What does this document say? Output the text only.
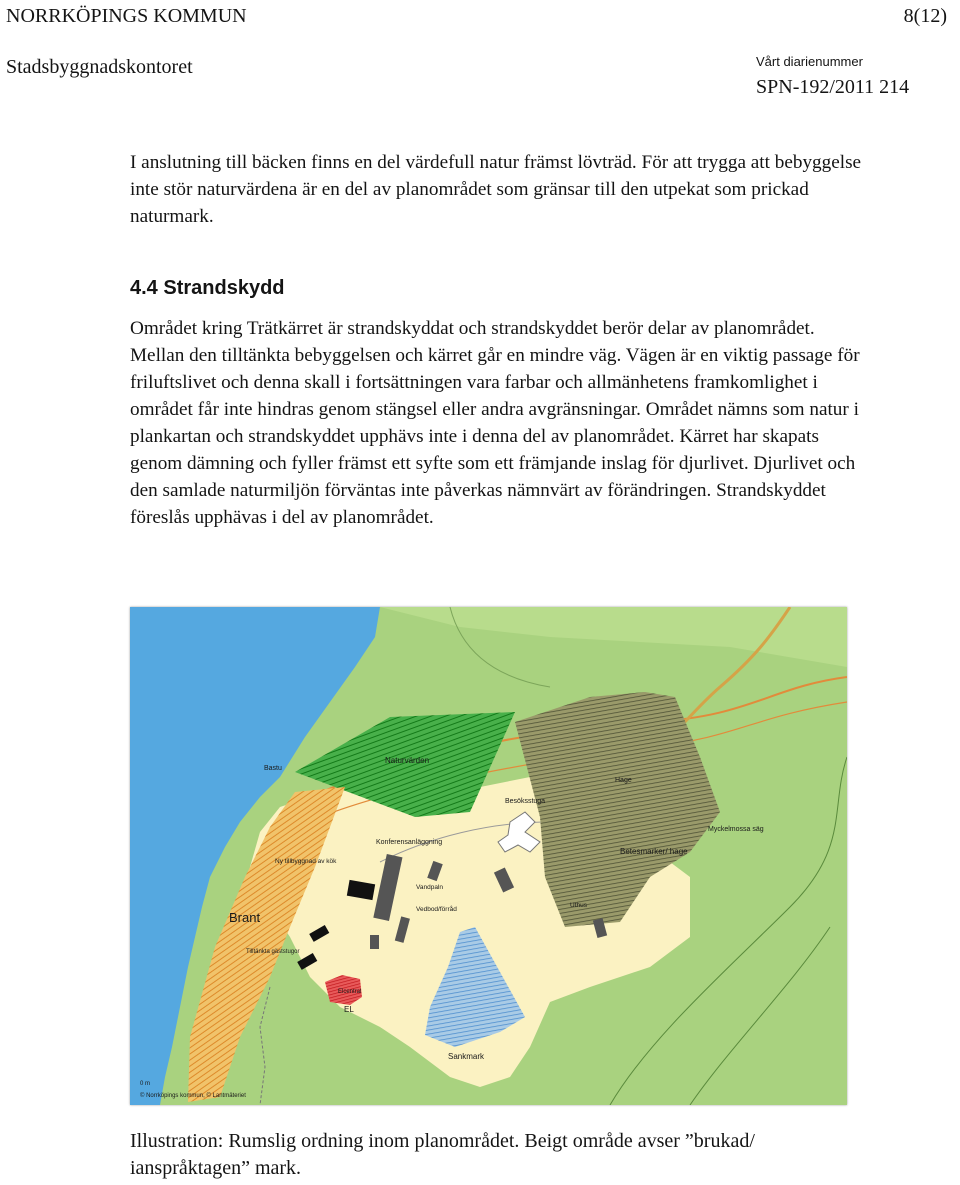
NORRKÖPINGS KOMMUN	8(12)
Stadsbyggnadskontoret	Vårt diarienummer
SPN-192/2011 214
I anslutning till bäcken finns en del värdefull natur främst lövträd. För att trygga att bebyggelse inte stör naturvärdena är en del av planområdet som gränsar till den utpekat som prickad naturmark.
4.4 Strandskydd
Området kring Trätkärret är strandskyddat och strandskyddet berör delar av planområdet. Mellan den tilltänkta bebyggelsen och kärret går en mindre väg. Vägen är en viktig passage för friluftslivet och denna skall i fortsättningen vara farbar och allmänhetens framkomlighet i området får inte hindras genom stängsel eller andra avgränsningar. Området nämns som natur i plankartan och strandskyddet upphävs inte i denna del av planområdet. Kärret har skapats genom dämning och fyller främst ett syfte som ett främjande inslag för djurlivet. Djurlivet och den samlade naturmiljön förväntas inte påverkas nämnvärt av förändringen. Strandskyddet föreslås upphävas i del av planområdet.
Bastu
Naturvärden
Hage
Besöksstuga
Konferensanläggning
Betesmarker/ hage
Myckelmossa säg
Ny tillbyggnad av kök
Vandpaln
Vedbod/förråd
Uthus
Brant
Tilltänkta gäststugor
Elcentral
EL
Sankmark
0 m
© Norrköpings kommun, © Lantmäteriet
Illustration: Rumslig ordning inom planområdet. Beigt område avser ”brukad/ ianspråktagen” mark.
